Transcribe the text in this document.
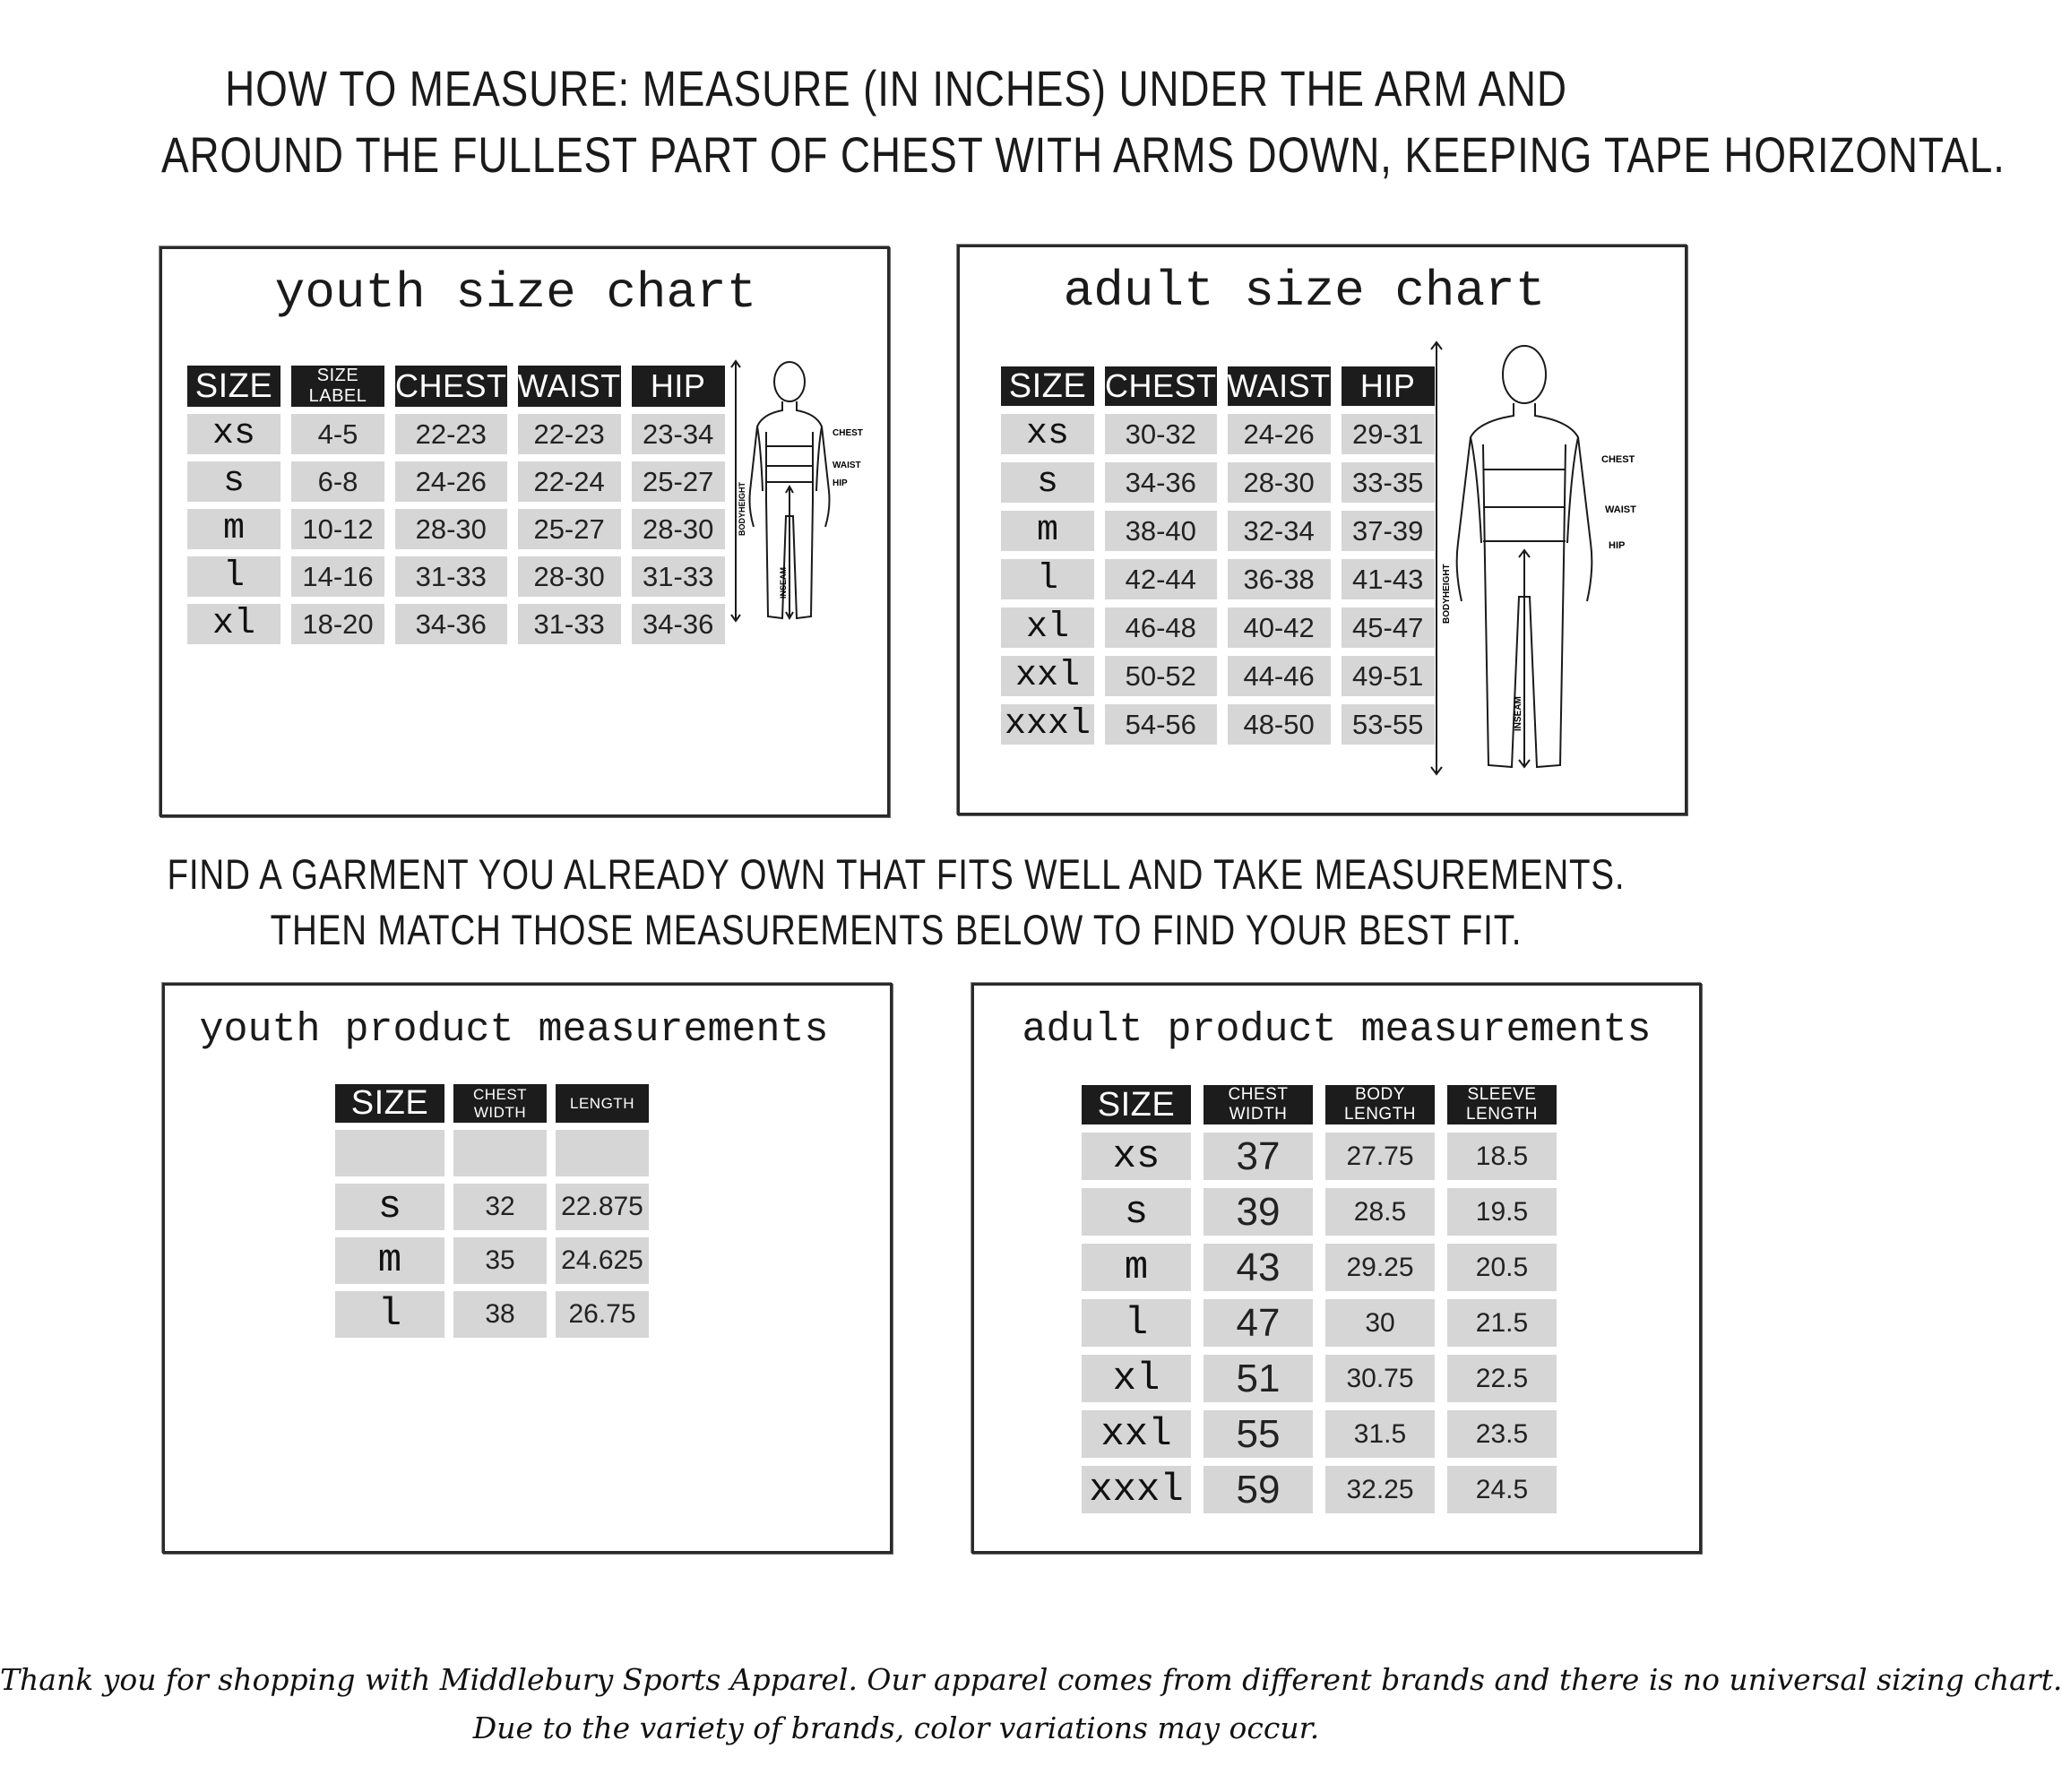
HOW TO MEASURE: MEASURE (IN INCHES) UNDER THE ARM AND
AROUND THE FULLEST PART OF CHEST WITH ARMS DOWN, KEEPING TAPE HORIZONTAL.
youth size chart
SIZE	SIZE LABEL	CHEST	WAIST	HIP
xs	4-5	22-23	22-23	23-34
s	6-8	24-26	22-24	25-27
m	10-12	28-30	25-27	28-30
l	14-16	31-33	28-30	31-33
xl	18-20	34-36	31-33	34-36
CHEST
WAIST
HIP
BODYHEIGHT
INSEAM
adult size chart
SIZE	CHEST	WAIST	HIP
xs	30-32	24-26	29-31
s	34-36	28-30	33-35
m	38-40	32-34	37-39
l	42-44	36-38	41-43
xl	46-48	40-42	45-47
xxl	50-52	44-46	49-51
xxxl	54-56	48-50	53-55
CHEST
WAIST
HIP
BODYHEIGHT
INSEAM
FIND A GARMENT YOU ALREADY OWN THAT FITS WELL AND TAKE MEASUREMENTS.
THEN MATCH THOSE MEASUREMENTS BELOW TO FIND YOUR BEST FIT.
youth product measurements
SIZE	CHEST WIDTH	LENGTH

s	32	22.875
m	35	24.625
l	38	26.75
adult product measurements
SIZE	CHEST WIDTH	BODY LENGTH	SLEEVE LENGTH
xs	37	27.75	18.5
s	39	28.5	19.5
m	43	29.25	20.5
l	47	30	21.5
xl	51	30.75	22.5
xxl	55	31.5	23.5
xxxl	59	32.25	24.5
Thank you for shopping with Middlebury Sports Apparel. Our apparel comes from different brands and there is no universal sizing chart.
Due to the variety of brands, color variations may occur.
